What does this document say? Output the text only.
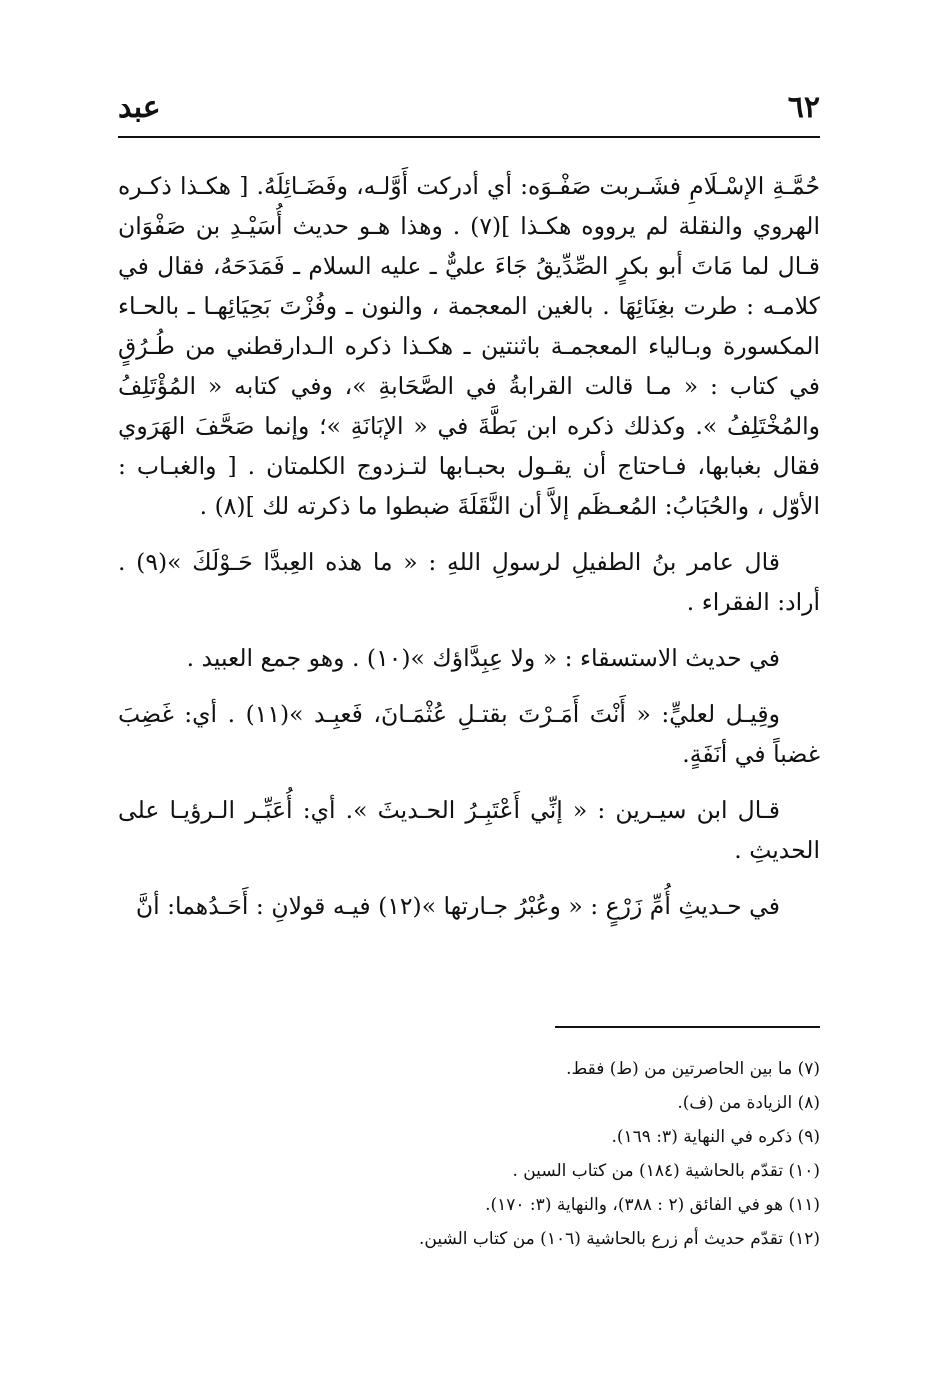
٦٢
عبد

حُمَّـةِ الإسْـلَامِ فشَـربت صَفْـوَه: أي أدركت أَوَّلـه، وفَضَـائِلَهُ. [ هكـذا ذكـره الهروي والنقلة لم يرووه هكـذا ](٧) . وهذا هـو حديث أُسَيْـدِ بن صَفْوَان قـال لما مَاتَ أبو بكرٍ الصِّدِّيقُ جَاءَ عليٌّ ـ عليه السلام ـ فَمَدَحَهُ، فقال في كلامـه : طرت بغِنَائِهَا . بالغين المعجمة ، والنون ـ وفُزْتَ بَحِيَائِهـا ـ بالحـاء المكسورة وبـالياء المعجمـة باثنتين ـ هكـذا ذكره الـدارقطني من طُـرُقٍ في كتاب : « مـا قالت القرابةُ في الصَّحَابةِ »، وفي كتابه « المُؤْتَلِفُ والمُخْتَلِفُ ». وكذلك ذكره ابن بَطَّةَ في « الإبَانَةِ »؛ وإنما صَحَّفَ الهَرَوي فقال بغبابها، فـاحتاج أن يقـول بحبـابها لتـزدوج الكلمتان . [ والغبـاب : الأوّل ، والحُبَابُ: المُعـظَم إلاَّ أن النَّقَلَةَ ضبطوا ما ذكرته لك ](٨) .

قال عامر بنُ الطفيلِ لرسولِ اللهِ : « ما هذه العِبدَّا حَـوْلَكَ »(٩) . أراد: الفقراء .

في حديث الاستسقاء : « ولا عِبِدَّاؤك »(١٠) . وهو جمع العبيد .

وقِيـل لعليٍّ: « أَنْتَ أَمَـرْتَ بقتـلِ عُثْمَـانَ، فَعبِـد »(١١) . أي: غَضِبَ غضباً في أنَفَةٍ.

قـال ابن سيـرين : « إنِّي أَعْتَبِـرُ الحـديثَ ». أي: أُعَبِّـر الـرؤيـا على الحديثِ .

في حـديثِ أُمِّ زَرْعٍ : « وعُبْرُ جـارتها »(١٢) فيـه قولانِ : أَحَـدُهما: أنَّ

(٧) ما بين الحاصرتين من (ط) فقط.
(٨) الزيادة من (ف).
(٩) ذكره في النهاية (٣: ١٦٩).
(١٠) تقدّم بالحاشية (١٨٤) من كتاب السين .
(١١) هو في الفائق (٢ : ٣٨٨)، والنهاية (٣: ١٧٠).
(١٢) تقدّم حديث أم زرع بالحاشية (١٠٦) من كتاب الشين.
